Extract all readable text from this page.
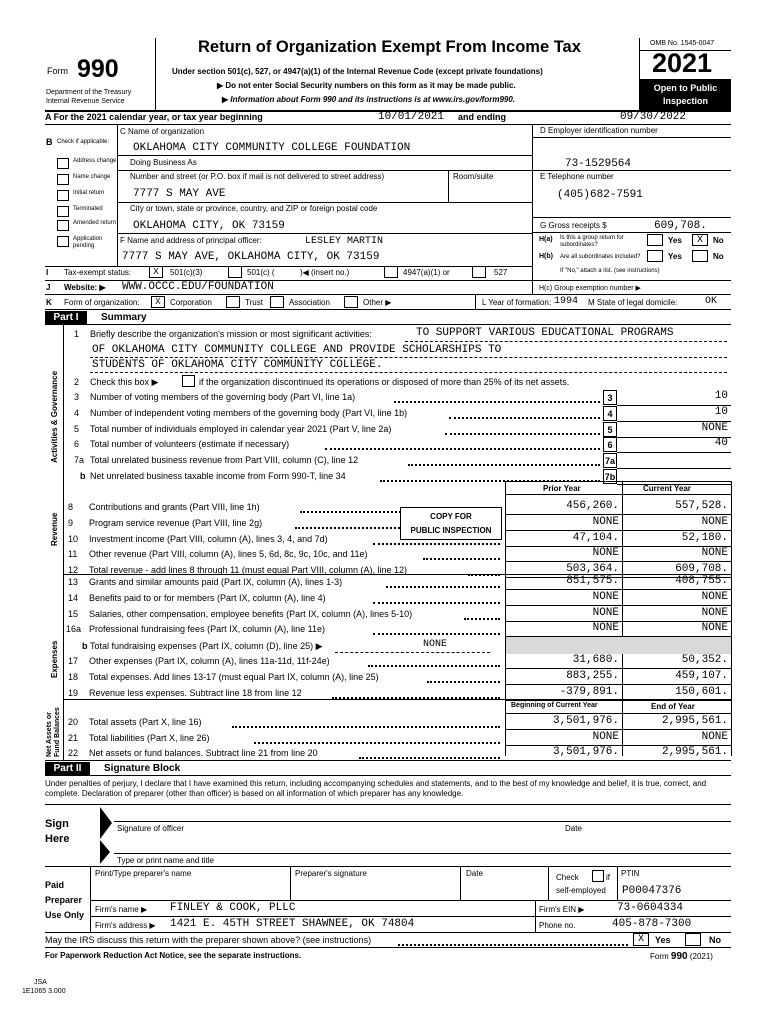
Form 990
Department of the Treasury
Internal Revenue Service
Return of Organization Exempt From Income Tax
Under section 501(c), 527, or 4947(a)(1) of the Internal Revenue Code (except private foundations)
▶ Do not enter Social Security numbers on this form as it may be made public.
▶ Information about Form 990 and its instructions is at www.irs.gov/form990.
OMB No. 1545-0047
2021
Open to Public
Inspection
A For the 2021 calendar year, or tax year beginning	10/01/2021 and ending	09/30/2022
B Check if applicable:
Address change
Name change
Initial return
Terminated
Amended return
Application pending
C Name of organization
OKLAHOMA CITY COMMUNITY COLLEGE FOUNDATION
Doing Business As
Number and street (or P.O. box if mail is not delivered to street address)	Room/suite
7777 S MAY AVE
City or town, state or province, country, and ZIP or foreign postal code
OKLAHOMA CITY, OK 73159
F Name and address of principal officer:	LESLEY MARTIN
7777 S MAY AVE, OKLAHOMA CITY, OK 73159
D Employer identification number
73-1529564
E Telephone number
(405)682-7591
G Gross receipts $	609,708.
H(a) Is this a group return for subordinates?	Yes	X	No
H(b) Are all subordinates included?	Yes	No
If "No," attach a list. (see instructions)
I Tax-exempt status:	X	501(c)(3)	501(c) (	)◀ (insert no.)	4947(a)(1) or	527
J Website: ▶ WWW.OCCC.EDU/FOUNDATION	H(c) Group exemption number ▶
K Form of organization:	X	Corporation	Trust	Association	Other ▶	L Year of formation: 1994 M State of legal domicile:	OK
Part I	Summary
Activities & Governance
Revenue
Expenses
Net Assets or Fund Balances
1 Briefly describe the organization's mission or most significant activities:	TO SUPPORT VARIOUS EDUCATIONAL PROGRAMS
OF OKLAHOMA CITY COMMUNITY COLLEGE AND PROVIDE SCHOLARSHIPS TO
STUDENTS OF OKLAHOMA CITY COMMUNITY COLLEGE.
2 Check this box ▶	if the organization discontinued its operations or disposed of more than 25% of its net assets.
3 Number of voting members of the governing body (Part VI, line 1a)	3	10
4 Number of independent voting members of the governing body (Part VI, line 1b)	4	10
5 Total number of individuals employed in calendar year 2021 (Part V, line 2a)	5	NONE
6 Total number of volunteers (estimate if necessary)	6	40
7a Total unrelated business revenue from Part VIII, column (C), line 12	7a
b Net unrelated business taxable income from Form 990-T, line 34	7b
8 Contributions and grants (Part VIII, line 1h)	456,260.	557,528.
9 Program service revenue (Part VIII, line 2g)	NONE	NONE
10 Investment income (Part VIII, column (A), lines 3, 4, and 7d)	47,104.	52,180.
11 Other revenue (Part VIII, column (A), lines 5, 6d, 8c, 9c, 10c, and 11e)	NONE	NONE
12 Total revenue - add lines 8 through 11 (must equal Part VIII, column (A), line 12)	503,364.	609,708.
13 Grants and similar amounts paid (Part IX, column (A), lines 1-3)	851,575.	408,755.
14 Benefits paid to or for members (Part IX, column (A), line 4)	NONE	NONE
15 Salaries, other compensation, employee benefits (Part IX, column (A), lines 5-10)	NONE	NONE
16a Professional fundraising fees (Part IX, column (A), line 11e)	NONE	NONE
17 Other expenses (Part IX, column (A), lines 11a-11d, 11f-24e)	31,680.	50,352.
18 Total expenses. Add lines 13-17 (must equal Part IX, column (A), line 25)	883,255.	459,107.
19 Revenue less expenses. Subtract line 18 from line 12	-379,891.	150,601.
20 Total assets (Part X, line 16)	3,501,976.	2,995,561.
21 Total liabilities (Part X, line 26)	NONE	NONE
22 Net assets or fund balances. Subtract line 21 from line 20	3,501,976.	2,995,561.
Prior Year	Current Year
COPY FOR
PUBLIC INSPECTION
b Total fundraising expenses (Part IX, column (D), line 25) ▶	NONE
Beginning of Current Year	End of Year
Part II	Signature Block
Under penalties of perjury, I declare that I have examined this return, including accompanying schedules and statements, and to the best of my knowledge and belief, it is true, correct, and complete. Declaration of preparer (other than officer) is based on all information of which preparer has any knowledge.
Sign
Here
Signature of officer	Date
Type or print name and title
Paid
Preparer
Use Only
Print/Type preparer's name	Preparer's signature	Date	Check	if
self-employed
PTIN
P00047376
Firm's name ▶ FINLEY & COOK, PLLC	Firm's EIN ▶	73-0604334
Firm's address ▶ 1421 E. 45TH STREET SHAWNEE, OK 74804	Phone no.	405-878-7300
May the IRS discuss this return with the preparer shown above? (see instructions)	X	Yes	No
For Paperwork Reduction Act Notice, see the separate instructions.	Form 990 (2021)
JSA
1E1065 3.000
